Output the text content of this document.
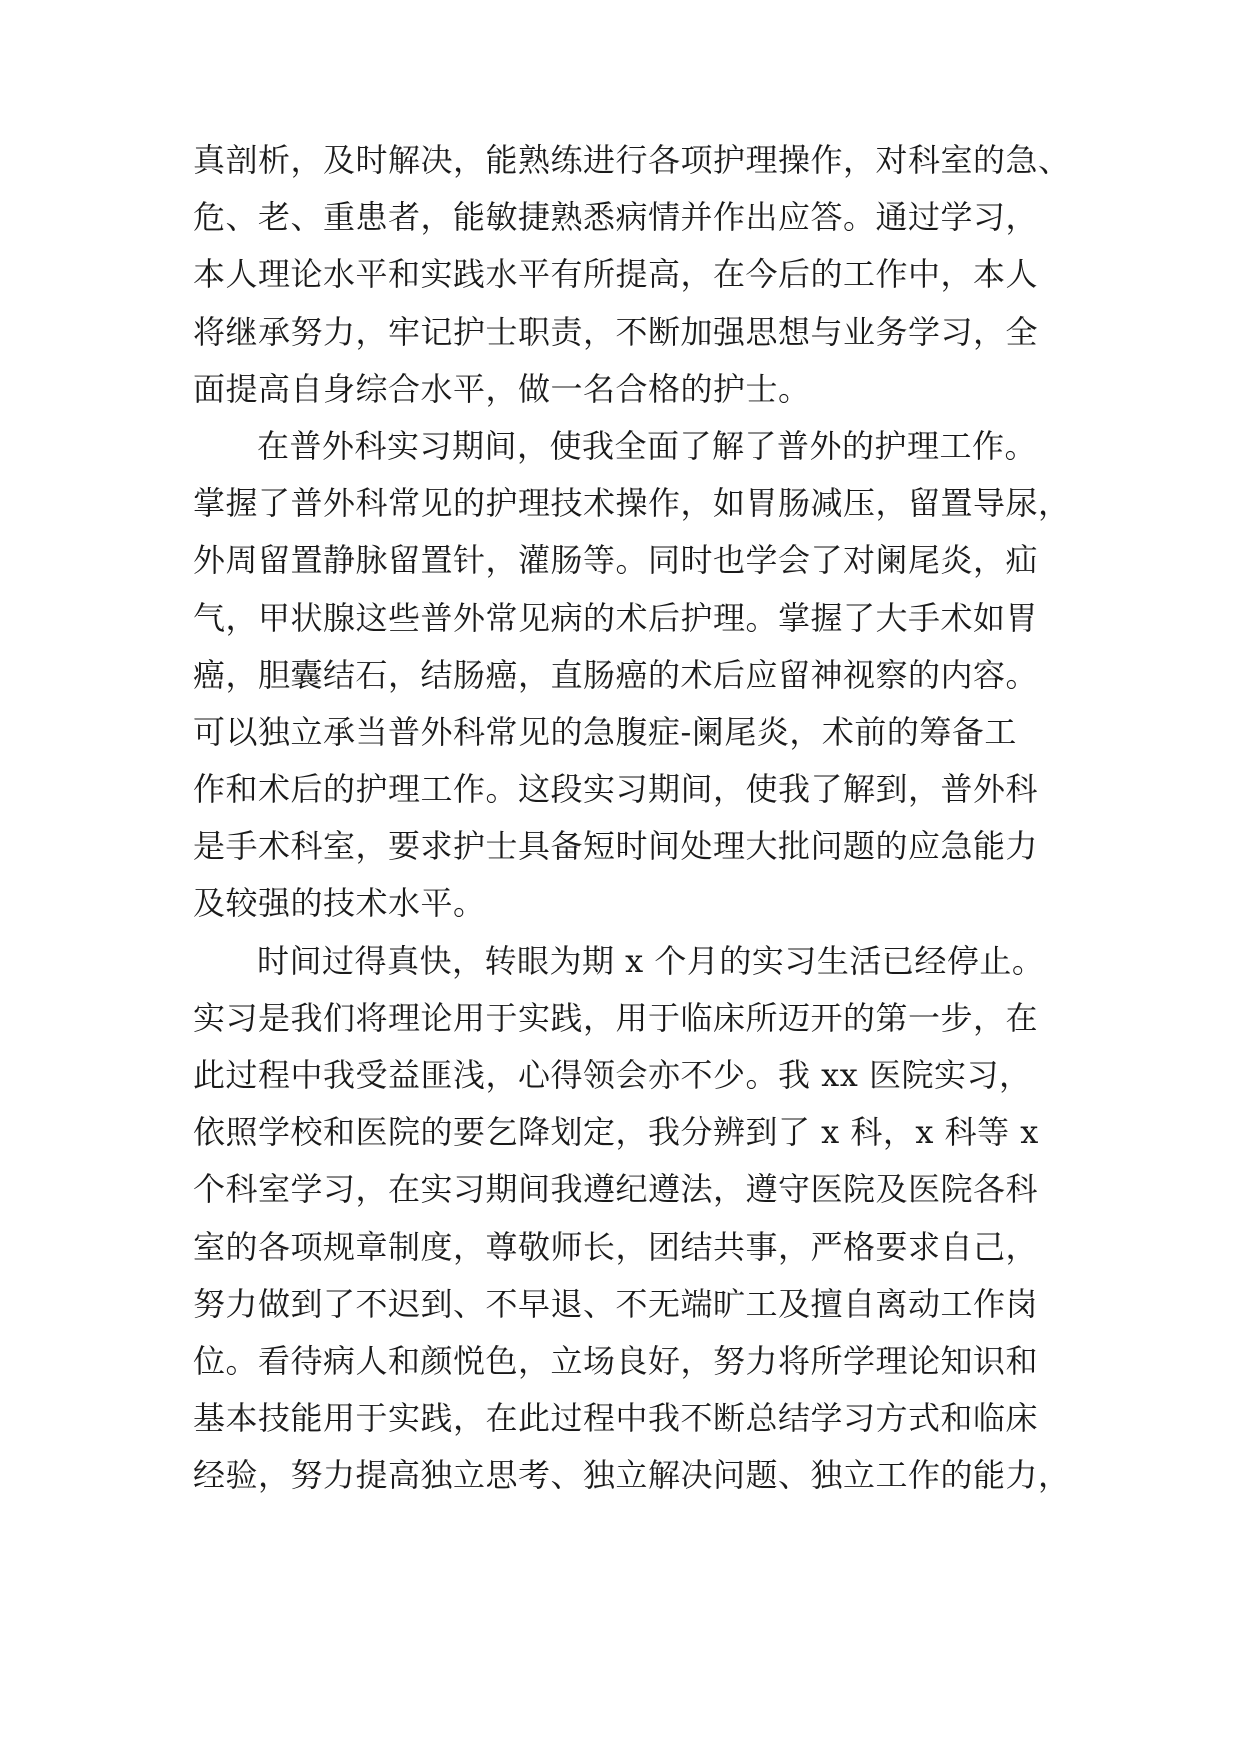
真剖析，及时解决，能熟练进行各项护理操作，对科室的急、
危、老、重患者，能敏捷熟悉病情并作出应答。通过学习，
本人理论水平和实践水平有所提高，在今后的工作中，本人
将继承努力，牢记护士职责，不断加强思想与业务学习，全
面提高自身综合水平，做一名合格的护士。
在普外科实习期间，使我全面了解了普外的护理工作。
掌握了普外科常见的护理技术操作，如胃肠减压，留置导尿，
外周留置静脉留置针，灌肠等。同时也学会了对阑尾炎，疝
气，甲状腺这些普外常见病的术后护理。掌握了大手术如胃
癌，胆囊结石，结肠癌，直肠癌的术后应留神视察的内容。
可以独立承当普外科常见的急腹症-阑尾炎，术前的筹备工
作和术后的护理工作。这段实习期间，使我了解到，普外科
是手术科室，要求护士具备短时间处理大批问题的应急能力
及较强的技术水平。
时间过得真快，转眼为期 x 个月的实习生活已经停止。
实习是我们将理论用于实践，用于临床所迈开的第一步，在
此过程中我受益匪浅，心得领会亦不少。我 xx 医院实习，
依照学校和医院的要乞降划定，我分辨到了 x 科，x 科等 x
个科室学习，在实习期间我遵纪遵法，遵守医院及医院各科
室的各项规章制度，尊敬师长，团结共事，严格要求自己，
努力做到了不迟到、不早退、不无端旷工及擅自离动工作岗
位。看待病人和颜悦色，立场良好，努力将所学理论知识和
基本技能用于实践，在此过程中我不断总结学习方式和临床
经验，努力提高独立思考、独立解决问题、独立工作的能力，
